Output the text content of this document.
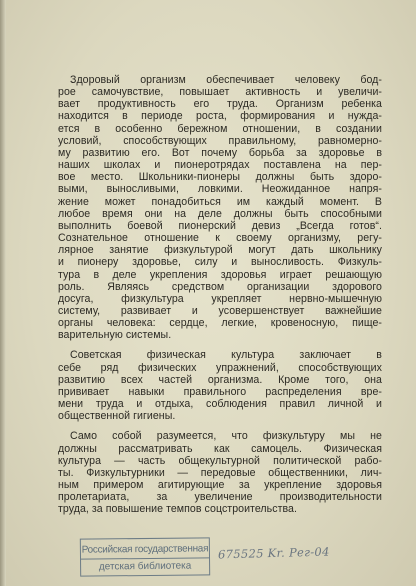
Здоровый организм обеспечивает человеку бод-
рое самочувствие, повышает активность и увеличи-
вает продуктивность его труда. Организм ребенка
находится в периоде роста, формирования и нужда-
ется в особенно бережном отношении, в создании
условий, способствующих правильному, равномерно-
му развитию его. Вот почему борьба за здоровье в
наших школах и пионеротрядах поставлена на пер-
вое место. Школьники-пионеры должны быть здоро-
выми, выносливыми, ловкими. Неожиданное напря-
жение может понадобиться им каждый момент. В
любое время они на деле должны быть способными
выполнить боевой пионерский девиз „Всегда готов“.
Сознательное отношение к своему организму, регу-
лярное занятие физкультурой могут дать школьнику
и пионеру здоровье, силу и выносливость. Физкуль-
тура в деле укрепления здоровья играет решающую
роль. Являясь средством организации здорового
досуга, физкультура укрепляет нервно-мышечную
систему, развивает и усовершенствует важнейшие
органы человека: сердце, легкие, кровеносную, пище-
варительную системы.

Советская физическая культура заключает в
себе ряд физических упражнений, способствующих
развитию всех частей организма. Кроме того, она
прививает навыки правильного распределения вре-
мени труда и отдыха, соблюдения правил личной и
общественной гигиены.

Само собой разумеется, что физкультуру мы не
должны рассматривать как самоцель. Физическая
культура — часть общекультурной политической рабо-
ты. Физкультурники — передовые общественники, лич-
ным примером агитирующие за укрепление здоровья
пролетариата, за увеличение производительности
труда, за повышение темпов соцстроительства.

Российская государственная
детская библиотека
675525 Kr. Рег-04
